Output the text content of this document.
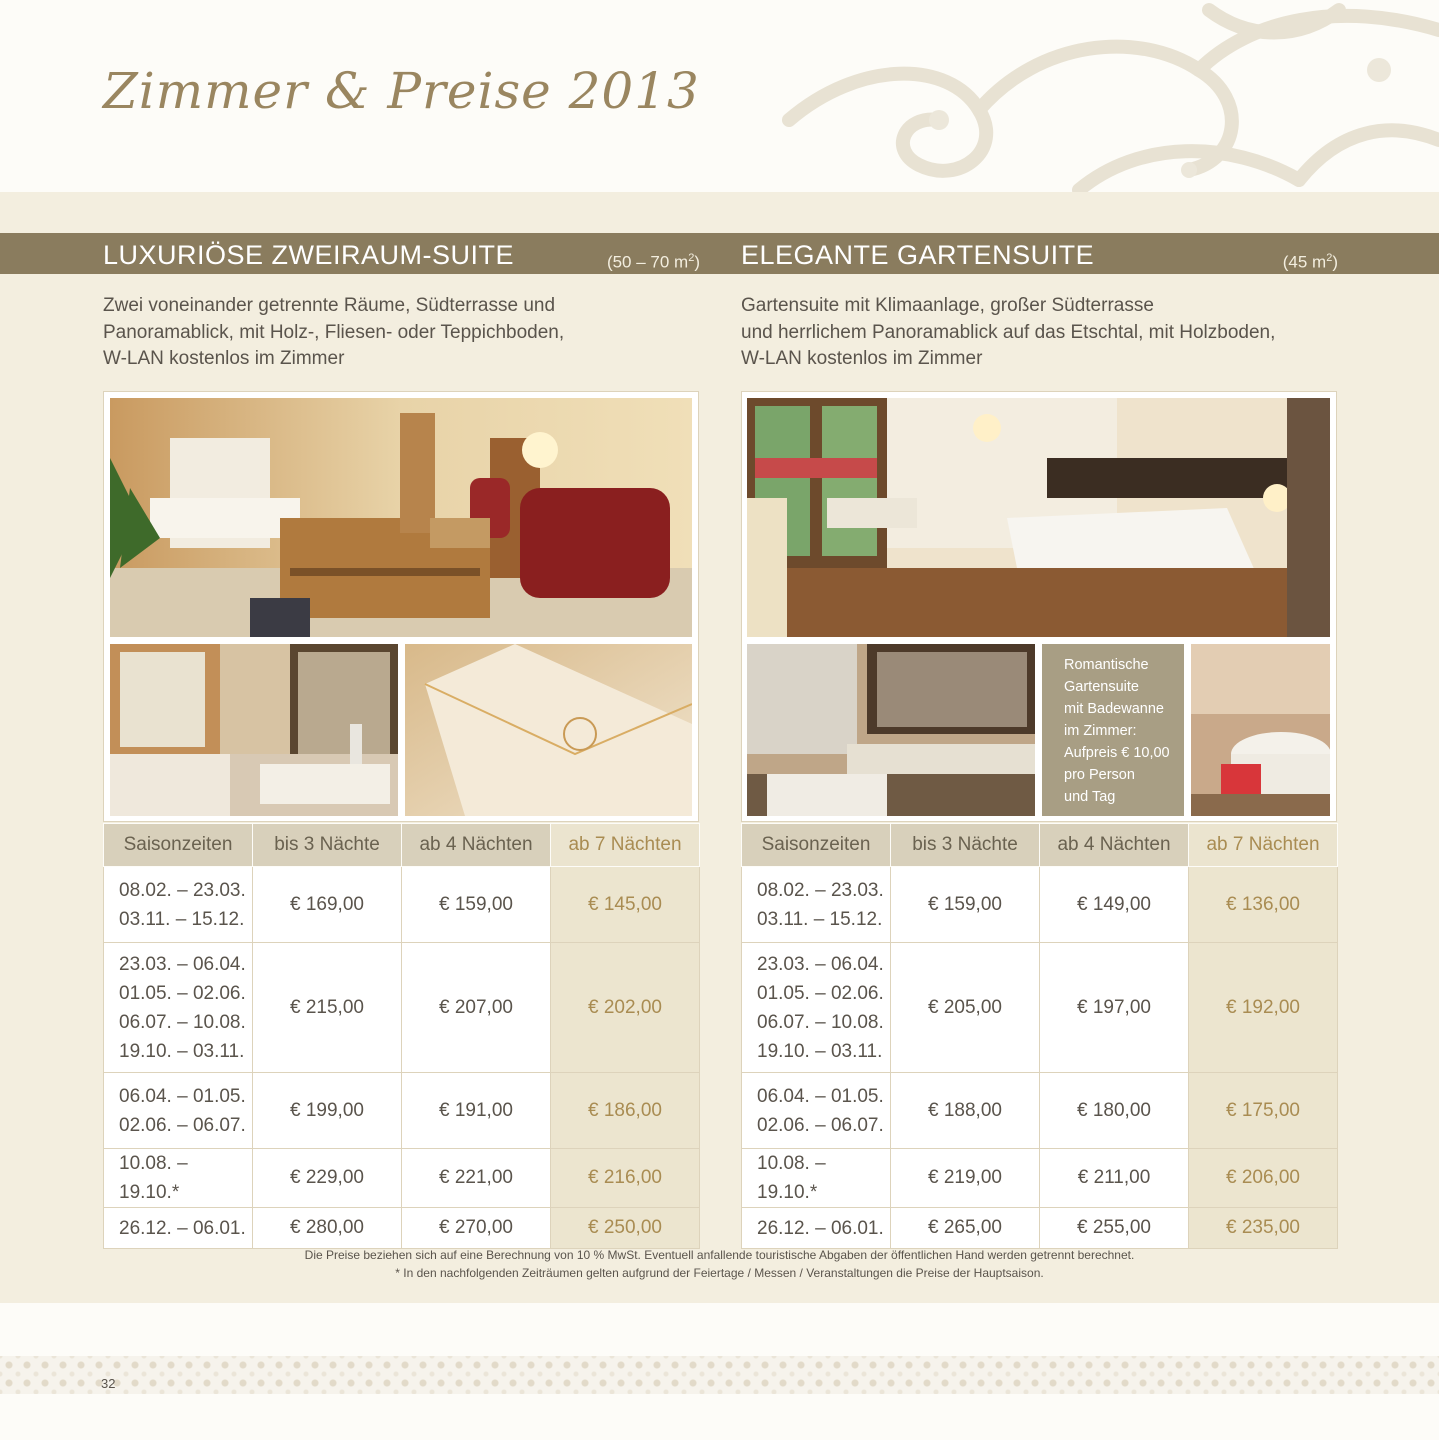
Zimmer & Preise 2013
LUXURIÖSE ZWEIRAUM-SUITE	(50 – 70 $m^2$) ELEGANTE GARTENSUITE	(45 $m^2$)
Zwei voneinander getrennte Räume, Südterrasse und
Panoramablick, mit Holz-, Fliesen- oder Teppichboden,
W-LAN kostenlos im Zimmer
Gartensuite mit Klimaanlage, großer Südterrasse
und herrlichem Panoramablick auf das Etschtal, mit Holzboden,
W-LAN kostenlos im Zimmer
Romantische
Gartensuite
mit Badewanne
im Zimmer:
Aufpreis € 10,00
pro Person
und Tag
Saisonzeiten	bis 3 Nächte	ab 4 Nächten	ab 7 Nächten

08.02. – 23.03.
03.11. – 15.12.	€ 169,00	€ 159,00	€ 145,00

23.03. – 06.04.
01.05. – 02.06.
06.07. – 10.08.
19.10. – 03.11.	€ 215,00	€ 207,00	€ 202,00

06.04. – 01.05.
02.06. – 06.07.	€ 199,00	€ 191,00	€ 186,00

10.08. – 19.10.*	€ 229,00	€ 221,00	€ 216,00

26.12. – 06.01.	€ 280,00	€ 270,00	€ 250,00
Saisonzeiten	bis 3 Nächte	ab 4 Nächten	ab 7 Nächten

08.02. – 23.03.
03.11. – 15.12.	€ 159,00	€ 149,00	€ 136,00

23.03. – 06.04.
01.05. – 02.06.
06.07. – 10.08.
19.10. – 03.11.	€ 205,00	€ 197,00	€ 192,00

06.04. – 01.05.
02.06. – 06.07.	€ 188,00	€ 180,00	€ 175,00

10.08. – 19.10.*	€ 219,00	€ 211,00	€ 206,00

26.12. – 06.01.	€ 265,00	€ 255,00	€ 235,00
Die Preise beziehen sich auf eine Berechnung von 10 % MwSt. Eventuell anfallende touristische Abgaben der öffentlichen Hand werden getrennt berechnet.
* In den nachfolgenden Zeiträumen gelten aufgrund der Feiertage / Messen / Veranstaltungen die Preise der Hauptsaison.
32
